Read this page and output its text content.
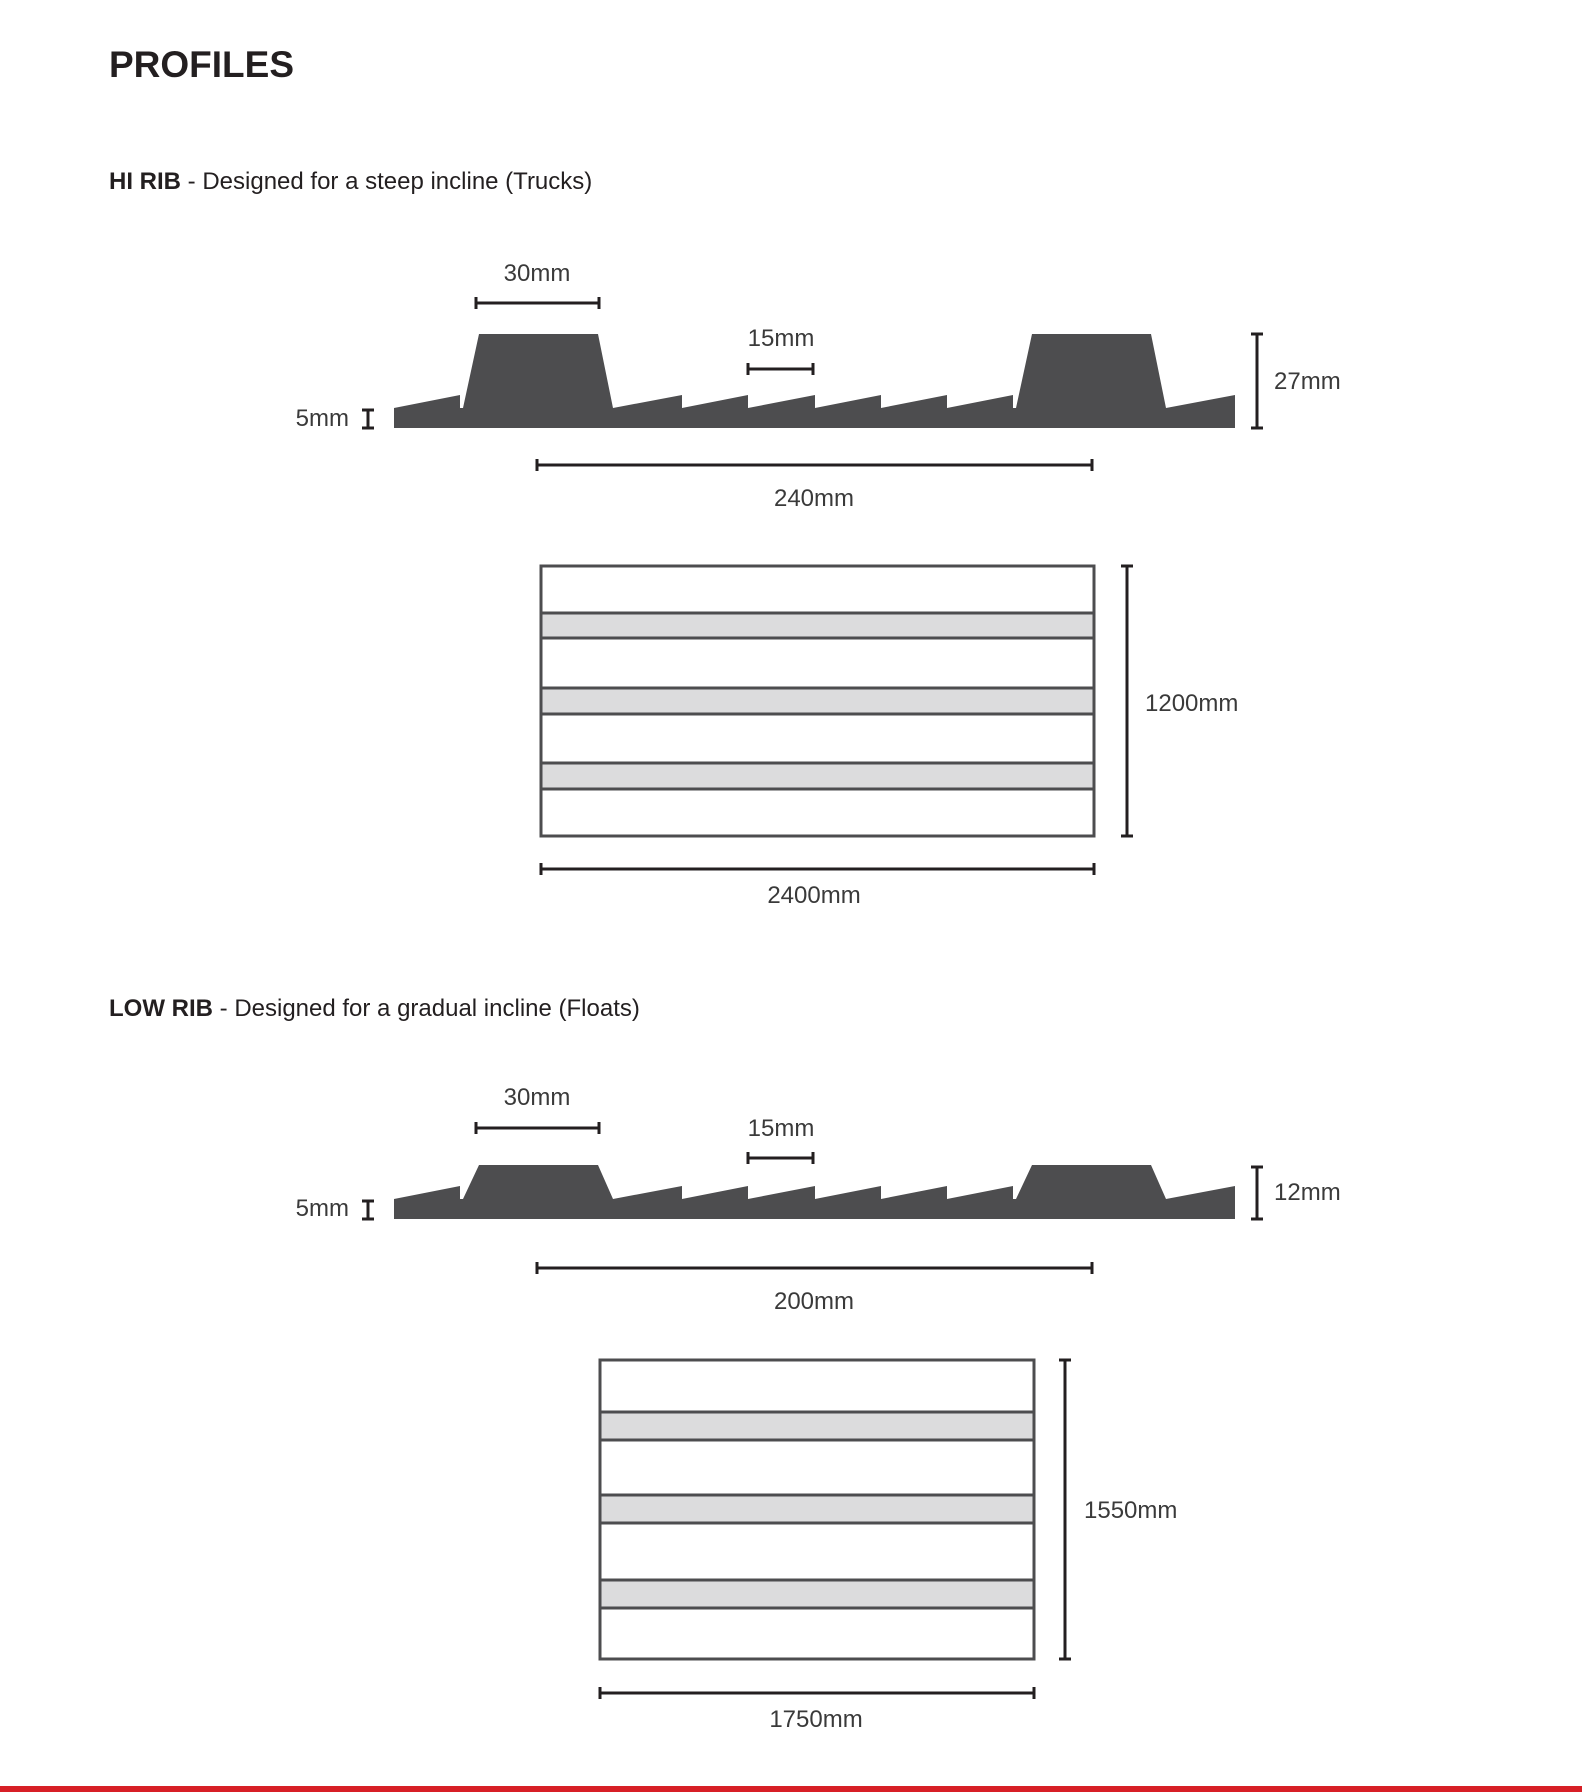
PROFILES
HI RIB - Designed for a steep incline (Trucks)
LOW RIB - Designed for a gradual incline (Floats)
30mm
15mm
5mm
27mm
240mm
1200mm
2400mm
30mm
15mm
5mm
12mm
200mm
1550mm
1750mm
